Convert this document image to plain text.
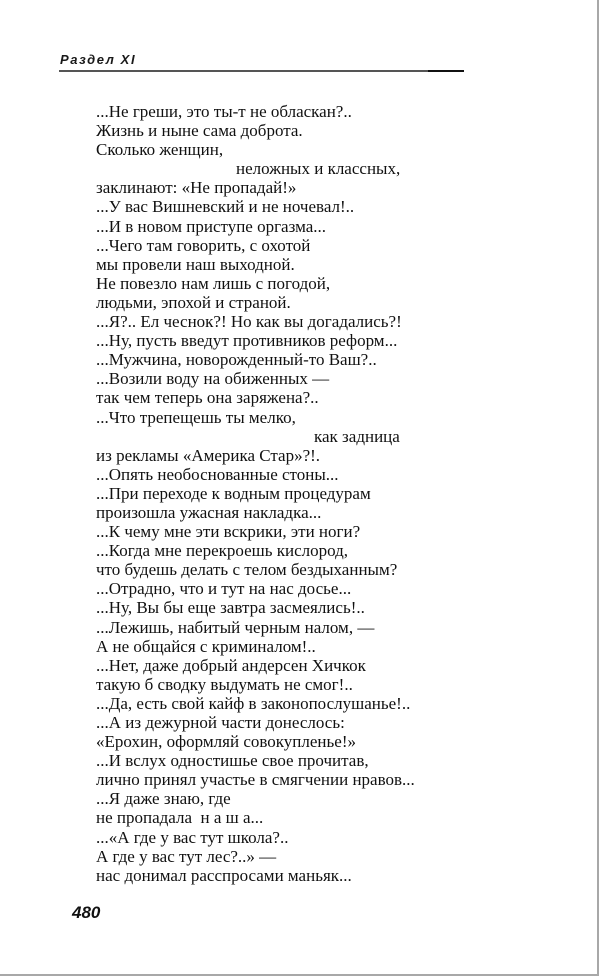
Раздел XI
...Не греши, это ты-т не обласкан?..
Жизнь и ныне сама доброта.
Сколько женщин,
неложных и классных,
заклинают: «Не пропадай!»
...У вас Вишневский и не ночевал!..
...И в новом приступе оргазма...
...Чего там говорить, с охотой
мы провели наш выходной.
Не повезло нам лишь с погодой,
людьми, эпохой и страной.
...Я?.. Ел чеснок?! Но как вы догадались?!
...Ну, пусть введут противников реформ...
...Мужчина, новорожденный-то Ваш?..
...Возили воду на обиженных —
так чем теперь она заряжена?..
...Что трепещешь ты мелко,
как задница
из рекламы «Америка Стар»?!.
...Опять необоснованные стоны...
...При переходе к водным процедурам
произошла ужасная накладка...
...К чему мне эти вскрики, эти ноги?
...Когда мне перекроешь кислород,
что будешь делать с телом бездыханным?
...Отрадно, что и тут на нас досье...
...Ну, Вы бы еще завтра засмеялись!..
...Лежишь, набитый черным налом, —
А не общайся с криминалом!..
...Нет, даже добрый андерсен Хичкок
такую б сводку выдумать не смог!..
...Да, есть свой кайф в законопослушанье!..
...А из дежурной части донеслось:
«Ерохин, оформляй совокупленье!»
...И вслух одностишье свое прочитав,
лично принял участье в смягчении нравов...
...Я даже знаю, где
не пропадала  н а ш а...
...«А где у вас тут школа?..
А где у вас тут лес?..» —
нас донимал расспросами маньяк...
480
